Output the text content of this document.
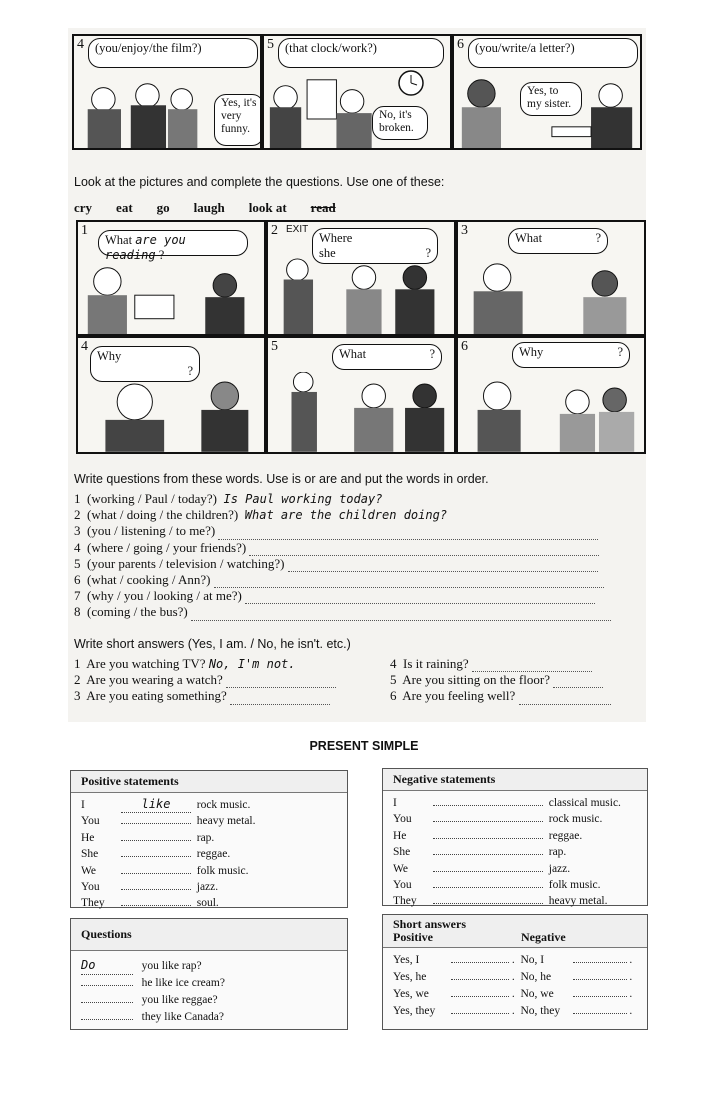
4 (you/enjoy/the film?)
Yes, it's very funny.
5 (that clock/work?)
No, it's broken.
6 (you/write/a letter?)
Yes, to my sister.
Look at the pictures and complete the questions. Use one of these:
cry eat go laugh look at read
1
What are you reading ?
2 EXIT
Where
she	?
3	What	?
4
Why
?
5	What	? 6	Why	?
Write questions from these words. Use is or are and put the words in order.
1 (working / Paul / today?) Is Paul working today?
2 (what / doing / the children?) What are the children doing?
3 (you / listening / to me?)
4 (where / going / your friends?)
5 (your parents / television / watching?)
6 (what / cooking / Ann?)
7 (why / you / looking / at me?)
8 (coming / the bus?)
Write short answers (Yes, I am. / No, he isn't. etc.)
1 Are you watching TV? No, I'm not.
2 Are you wearing a watch?
3 Are you eating something?
4 Is it raining?
5 Are you sitting on the floor?
6 Are you feeling well?
PRESENT SIMPLE
Positive statements
I	like rock music.
You	heavy metal.
He	rap.
She	reggae.
We	folk music.
You	jazz.
They	soul.
Negative statements
I	classical music.
You	rock music.
He	reggae.
She	rap.
We	jazz.
You	folk music.
They	heavy metal.
Questions
Do	you like rap?
he like ice cream?
you like reggae?
they like Canada?
Short answers
Positive	Negative
Yes, I	.  No, I	.
Yes, he	.  No, he	.
Yes, we	.  No, we	.
Yes, they	.  No, they	.
